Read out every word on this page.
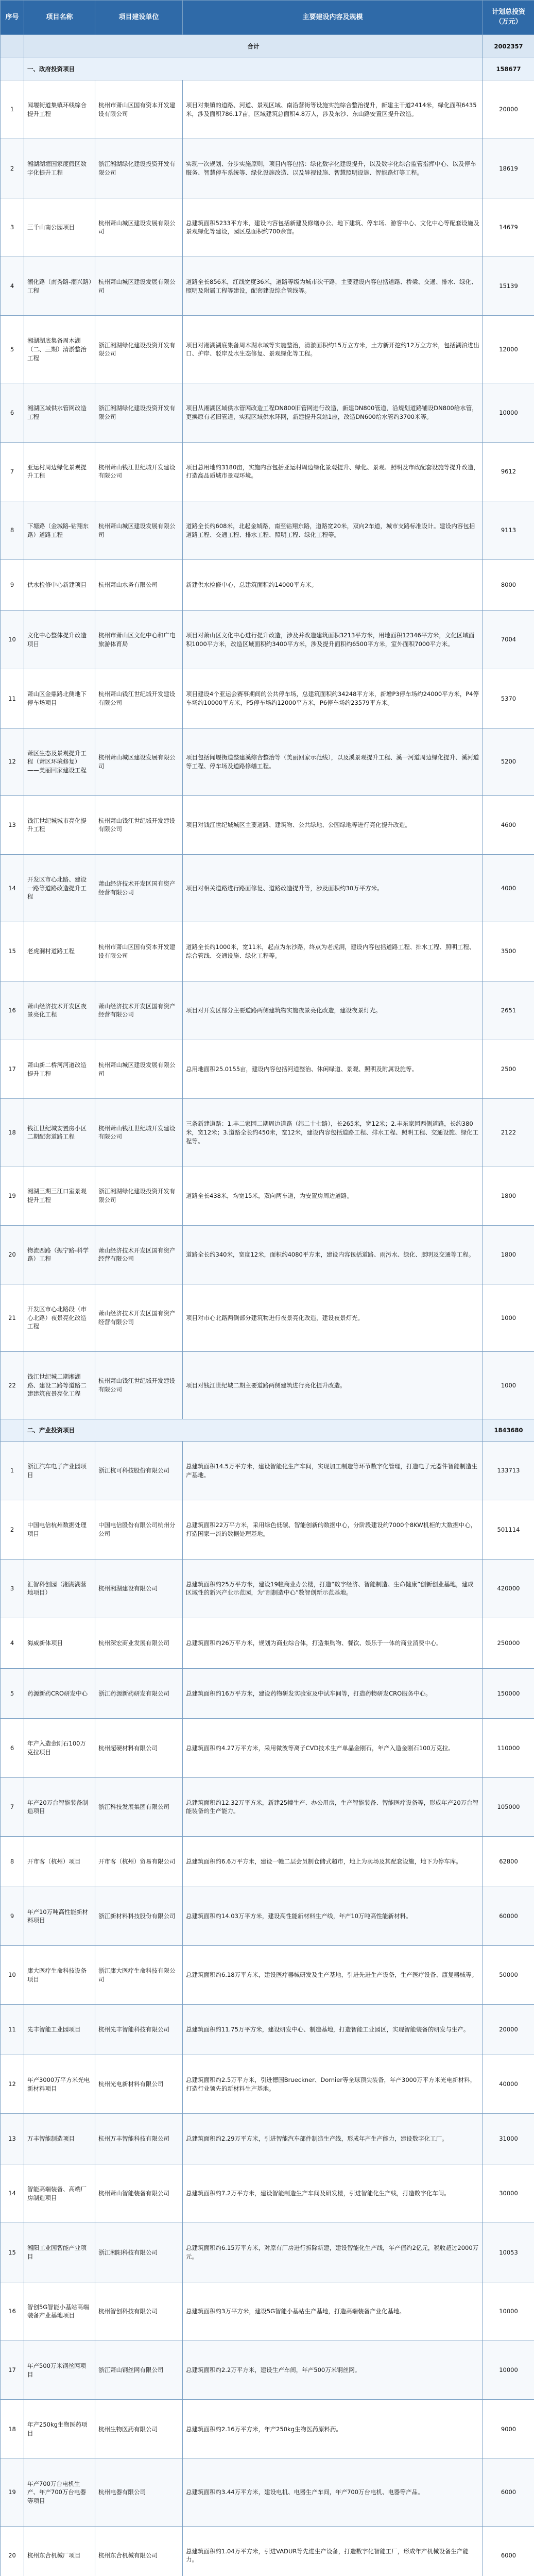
序号	项目名称	项目建设单位	主要建设内容及规模	计划总投资（万元）
	合计			2002357
	一、政府投资项目			158677
1	闻堰街道集镇环线综合提升工程	杭州市萧山区国有资本开发建设有限公司	项目对集镇的道路、河道、景观区域、南沿营街等设施实施综合整治提升，新建主干道2414米，绿化面积6435米，涉及面积786.17亩，区域建筑总面积4.8万人，涉及东沙、东山路安置区提升改造。	20000
2	湘湖湖塘国家度假区数字化提升工程	浙江湘湖绿化建设投资开发有限公司	实现一次规划、分步实施原则，项目内容包括：绿化数字化建设提升，以及数字化综合监管指挥中心、以及停车服务、智慧停车系统等、绿化设施改造、以及导视设施、智慧照明设施、智能路灯等工程。	18619
3	三千山南公园项目	杭州萧山城区建设发展有限公司	总建筑面积5233平方米，建设内容包括新建及修缮办公、地下建筑、停车场、游客中心、文化中心等配套设施及景观绿化等建设，园区总面积约700余亩。	14679
4	潮化路（南秀路-潮兴路）工程	杭州萧山城区建设发展有限公司	道路全长856米，红线宽度36米，道路等级为城市次干路，主要建设内容包括道路、桥梁、交通、排水、绿化、照明及附属工程等建设，配套建设综合管线等。	15139
5	湘湖湖底集备周木湖（二、三期）清淤整治工程	浙江湘湖绿化建设投资开发有限公司	项目对湘湖湖底集备周木湖水域等实施整治，清淤面积约15万立方米，土方新开挖约12万立方米，包括湖泊进出口、护岸、驳岸及水生态修复、景观绿化等工程。	12000
6	湘湖区域供水管网改造工程	浙江湘湖绿化建设投资开发有限公司	项目从湘湖区域供水管网改造工程DN800旧管网进行改造，新建DN800管道，沿规划道路铺设DN800给水管，更换原有老旧管道，实现区域供水环网，新建提升泵站1座，改造DN600给水管约3700米等。	10000
7	亚运村周边绿化景观提升工程	杭州萧山钱江世纪城开发建设有限公司	项目总用地约3180亩，实施内容包括亚运村周边绿化景观提升、绿化、景观、照明及市政配套设施等提升改造，打造高品质城市景观环境。	9612
8	下塘路（金城路-钻翔东路）道路工程	杭州萧山城区建设发展有限公司	道路全长约608米，北起金城路，南至钻翔东路，道路宽20米，双向2车道，城市支路标准设计。建设内容包括道路工程、交通工程、排水工程、照明工程、绿化工程等。	9113
9	供水检修中心新建项目	杭州萧山水务有限公司	新建供水检修中心，总建筑面积约14000平方米。	8000
10	文化中心整体提升改造项目	杭州市萧山区文化中心和广电旅游体育局	项目对萧山区文化中心进行提升改造，涉及并改造建筑面积3213平方米，用地面积12346平方米，文化区域面积1000平方米，改造区域面积约3400平方米，涉及提升面积约6500平方米，室外面积7000平方米。	7004
11	萧山区金鼎路北侧地下停车场项目	杭州萧山钱江世纪城开发建设有限公司	项目建设4个亚运会赛事期间的公共停车场，总建筑面积约34248平方米，新增P3停车场约24000平方米，P4停车场约10000平方米，P5停车场约12000平方米，P6停车场约23579平方米。	5370
12	萧区生态及景观提升工程（萧区环境修复）——美丽回家建设工程	杭州萧山城区建设发展有限公司	项目包括闻堰街道整建溪综合整治等（美丽回家示范线），以及溪景观提升工程、溪一河道周边绿化提升、溪河道等工程、停车场及道路修缮工程。	5200
13	钱江世纪城城市亮化提升工程	杭州萧山钱江世纪城开发建设有限公司	项目对钱江世纪城城区主要道路、建筑物、公共绿地、公园绿地等进行亮化提升改造。	4600
14	开发区市心北路、建设一路等道路改造提升工程	萧山经济技术开发区国有资产经营有限公司	项目对相关道路进行路面修复、道路改造提升等，涉及面积约30万平方米。	4000
15	老虎洞村道路工程	杭州市萧山区国有资本开发建设有限公司	道路全长约1000米，宽11米，起点为东沙路，终点为老虎洞，建设内容包括道路工程、排水工程、照明工程、综合管线、交通设施、绿化工程等。	3500
16	萧山经济技术开发区夜景亮化工程	萧山经济技术开发区国有资产经营有限公司	项目对开发区部分主要道路两侧建筑物实施夜景亮化改造，建设夜景灯光。	2651
17	萧山新二桥河河道改造提升工程	杭州萧山城区建设发展有限公司	总用地面积25.0155亩，建设内容包括河道整治、休闲绿道、景观、照明及附属设施等。	2500
18	钱江世纪城安置房小区二期配套道路工程	杭州萧山钱江世纪城开发建设有限公司	三条新建道路：1.丰二家园二期周边道路（纬二十七路），长265米，宽12米；2.丰东家园西侧道路，长约380米，宽12米；3.道路全长约450米，宽12米，建设内容包括道路工程、排水工程、照明工程、交通设施、绿化工程等。	2122
19	湘湖三期三江口室景观提升工程	浙江湘湖绿化建设投资开发有限公司	道路全长438米，均宽15米，双向两车道，为安置房周边道路。	1800
20	物流西路（振宁路-科学路）工程	萧山经济技术开发区国有资产经营有限公司	道路全长约340米，宽度12米，面积约4080平方米，建设内容包括道路、雨污水、绿化、照明及交通等工程。	1800
21	开发区市心北路段（市心北路）夜景亮化改造工程	萧山经济技术开发区国有资产经营有限公司	项目对市心北路两侧部分建筑物进行夜景亮化改造，建设夜景灯光。	1000
22	钱江世纪城二期湘湖路、建设二路等道路二建建筑夜景亮化工程	杭州萧山钱江世纪城开发建设有限公司	项目对钱江世纪城二期主要道路两侧建筑进行亮化提升改造。	1000
	二、产业投资项目			1843680
1	浙江汽车电子产业园项目	浙江杭可科技股份有限公司	总建筑面积14.5万平方米，建设智能化生产车间，实现加工制造等环节数字化管理，打造电子元器件智能制造生产基地。	133713
2	中国电信杭州数据处理项目	中国电信股份有限公司杭州分公司	总建筑面积22万平方米，采用绿色低碳、智能创新的数据中心，分阶段建设约7000个8KW机柜的大数据中心，打造国家一流的数据处理基地。	501114
3	汇智科创园（湘湖湖营地项目）	杭州湘湖建设有限公司	总建筑面积约25万平方米，建设19幢商业办公楼，打造“数字经济、智能制造、生命健康”创新创业基地，建成区域性的新兴产业示范园，为“制制造中心”数智创新示范基地。	420000
4	海威新体项目	杭州深宏商业发展有限公司	总建筑面积约26万平方米，规划为商业综合体，打造集购物、餐饮、娱乐于一体的商业消费中心。	250000
5	药源新药CRO研发中心	浙江药源新药研发有限公司	总建筑面积约16万平方米，建设药物研发实验室及中试车间等，打造药物研发CRO服务中心。	150000
6	年产入造金刚石100万克拉项目	杭州超硬材料有限公司	总建筑面积约4.27万平方米，采用微波等离子CVD技术生产单晶金刚石，年产入造金刚石100万克拉。	110000
7	年产20万台智能装备制造项目	浙江科技发展集团有限公司	总建筑面积约12.32万平方米，新建25幢生产、办公用房，生产智能装备、智能医疗设备等，形成年产20万台智能装备的生产能力。	105000
8	开市客（杭州）项目	开市客（杭州）贸易有限公司	总建筑面积约6.6万平方米，建设一幢二层会员制仓储式超市，地上为卖场及其配套设施，地下为停车库。	62800
9	年产10万吨高性能新材料项目	浙江新材料科技股份有限公司	总建筑面积约14.03万平方米，建设高性能新材料生产线，年产10万吨高性能新材料。	60000
10	康大医疗生命科技设备项目	浙江康大医疗生命科技有限公司	总建筑面积约6.18万平方米，建设医疗器械研发及生产基地，引进先进生产设备，生产医疗设备、康复器械等。	50000
11	先丰智能工业园项目	杭州先丰智能科技有限公司	总建筑面积约11.75万平方米，建设研发中心、制造基地，打造智能工业园区，实现智能装备的研发与生产。	20000
12	年产3000万平方米光电新材料项目	杭州光电新材料有限公司	总建筑面积约2.5万平方米，引进德国Brueckner、Dornier等全球顶尖装备，年产3000万平方米光电新材料，打造行业领先的新材料生产基地。	40000
13	万丰智能制造项目	杭州万丰智能科技有限公司	总建筑面积约2.29万平方米，引进智能汽车部件制造生产线，形成年产生产能力，建设数字化工厂。	31000
14	智能高端装备、高端厂房制造项目	杭州萧山智能装备有限公司	总建筑面积约7.2万平方米，建设智能制造生产车间及研发楼，引进智能化生产线，打造数字化车间。	30000
15	湘阳工业园智能产业项目	浙江湘阳科技有限公司	总建筑面积约6.15万平方米，对原有厂房进行拆除新建，建设智能化生产线，年产值约2亿元，税收超过2000万元。	10053
16	智创5G智能小基站高端装备产业基地项目	杭州智创科技有限公司	总建筑面积约3万平方米，建设5G智能小基站生产基地，打造高端装备产业化基地。	10000
17	年产500万米钢丝网项目	浙江萧山钢丝网有限公司	总建筑面积约2.2万平方米，建设生产车间，年产500万米钢丝网。	10000
18	年产250kg生物医药项目	杭州生物医药有限公司	总建筑面积约2.16万平方米，年产250kg生物医药原料药。	9000
19	年产700万台电机生产、年产700万台电器等项目	杭州电器有限公司	总建筑面积约3.44万平方米，建设电机、电器生产车间，年产700万台电机、电器等产品。	6000
20	杭州东合机械厂项目	杭州东合机械有限公司	总建筑面积约1.04万平方米，引进VADUR等先进生产设备，打造数字化智能工厂，形成年产机械设备生产能力。	6000
